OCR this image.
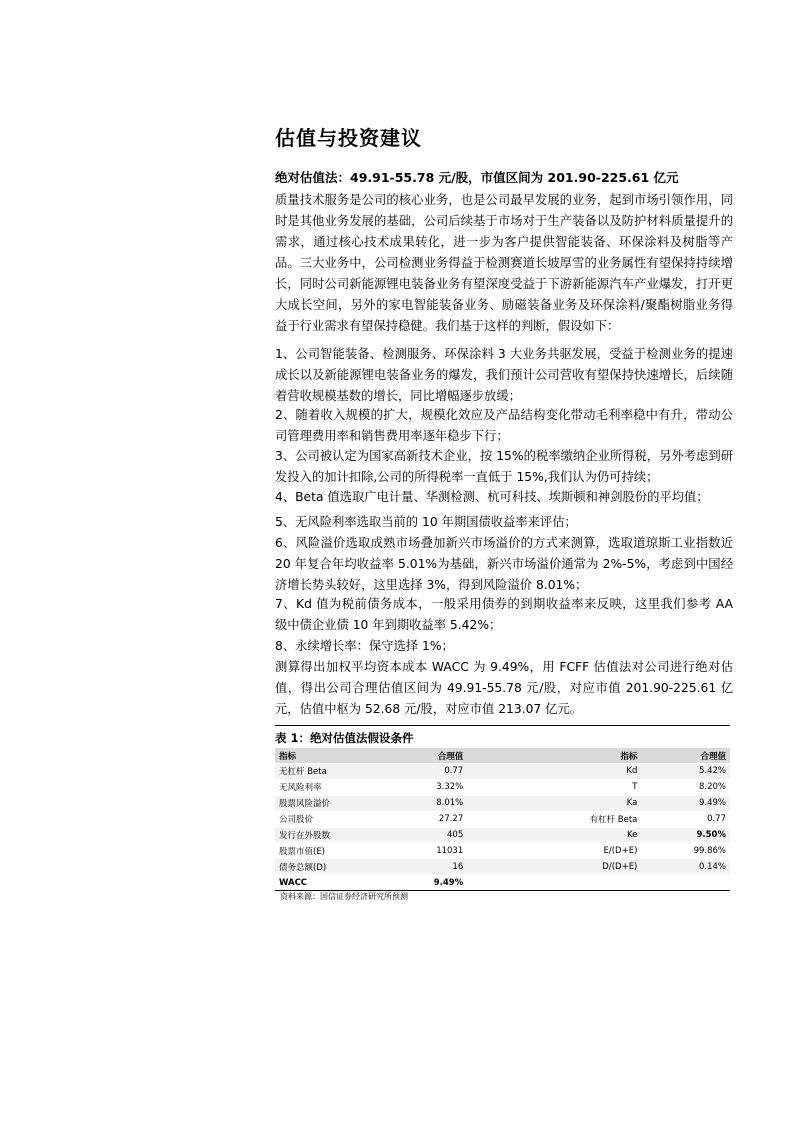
估值与投资建议
绝对估值法：49.91-55.78 元/股，市值区间为 201.90-225.61 亿元
质量技术服务是公司的核心业务，也是公司最早发展的业务，起到市场引领作用，同时是其他业务发展的基础，公司后续基于市场对于生产装备以及防护材料质量提升的需求，通过核心技术成果转化，进一步为客户提供智能装备、环保涂料及树脂等产品。三大业务中，公司检测业务得益于检测赛道长坡厚雪的业务属性有望保持持续增长，同时公司新能源锂电装备业务有望深度受益于下游新能源汽车产业爆发，打开更大成长空间，另外的家电智能装备业务、励磁装备业务及环保涂料/聚酯树脂业务得益于行业需求有望保持稳健。我们基于这样的判断，假设如下：
1、公司智能装备、检测服务、环保涂料 3 大业务共驱发展，受益于检测业务的提速成长以及新能源锂电装备业务的爆发，我们预计公司营收有望保持快速增长，后续随着营收规模基数的增长，同比增幅逐步放缓；
2、随着收入规模的扩大，规模化效应及产品结构变化带动毛利率稳中有升，带动公司管理费用率和销售费用率逐年稳步下行；
3、公司被认定为国家高新技术企业，按 15%的税率缴纳企业所得税，另外考虑到研发投入的加计扣除,公司的所得税率一直低于 15%,我们认为仍可持续；
4、Beta 值选取广电计量、华测检测、杭可科技、埃斯顿和神剑股份的平均值；
5、无风险利率选取当前的 10 年期国债收益率来评估；
6、风险溢价选取成熟市场叠加新兴市场溢价的方式来测算，选取道琼斯工业指数近 20 年复合年均收益率 5.01%为基础，新兴市场溢价通常为 2%-5%，考虑到中国经济增长势头较好，这里选择 3%，得到风险溢价 8.01%；
7、Kd 值为税前债务成本，一般采用债券的到期收益率来反映，这里我们参考 AA 级中债企业债 10 年到期收益率 5.42%；
8、永续增长率：保守选择 1%；
测算得出加权平均资本成本 WACC 为 9.49%，用 FCFF 估值法对公司进行绝对估值，得出公司合理估值区间为 49.91-55.78 元/股，对应市值 201.90-225.61 亿元，估值中枢为 52.68 元/股，对应市值 213.07 亿元。
表 1：绝对估值法假设条件
指标	合理值	指标	合理值
无杠杆 Beta	0.77	Kd	5.42%
无风险利率	3.32%	T	8.20%
股票风险溢价	8.01%	Ka	9.49%
公司股价	27.27	有杠杆 Beta	0.77
发行在外股数	405	Ke	9.50%
股票市值(E)	11031	E/(D+E)	99.86%
债务总额(D)	16	D/(D+E)	0.14%
WACC	9.49%		
资料来源：国信证券经济研究所预测
